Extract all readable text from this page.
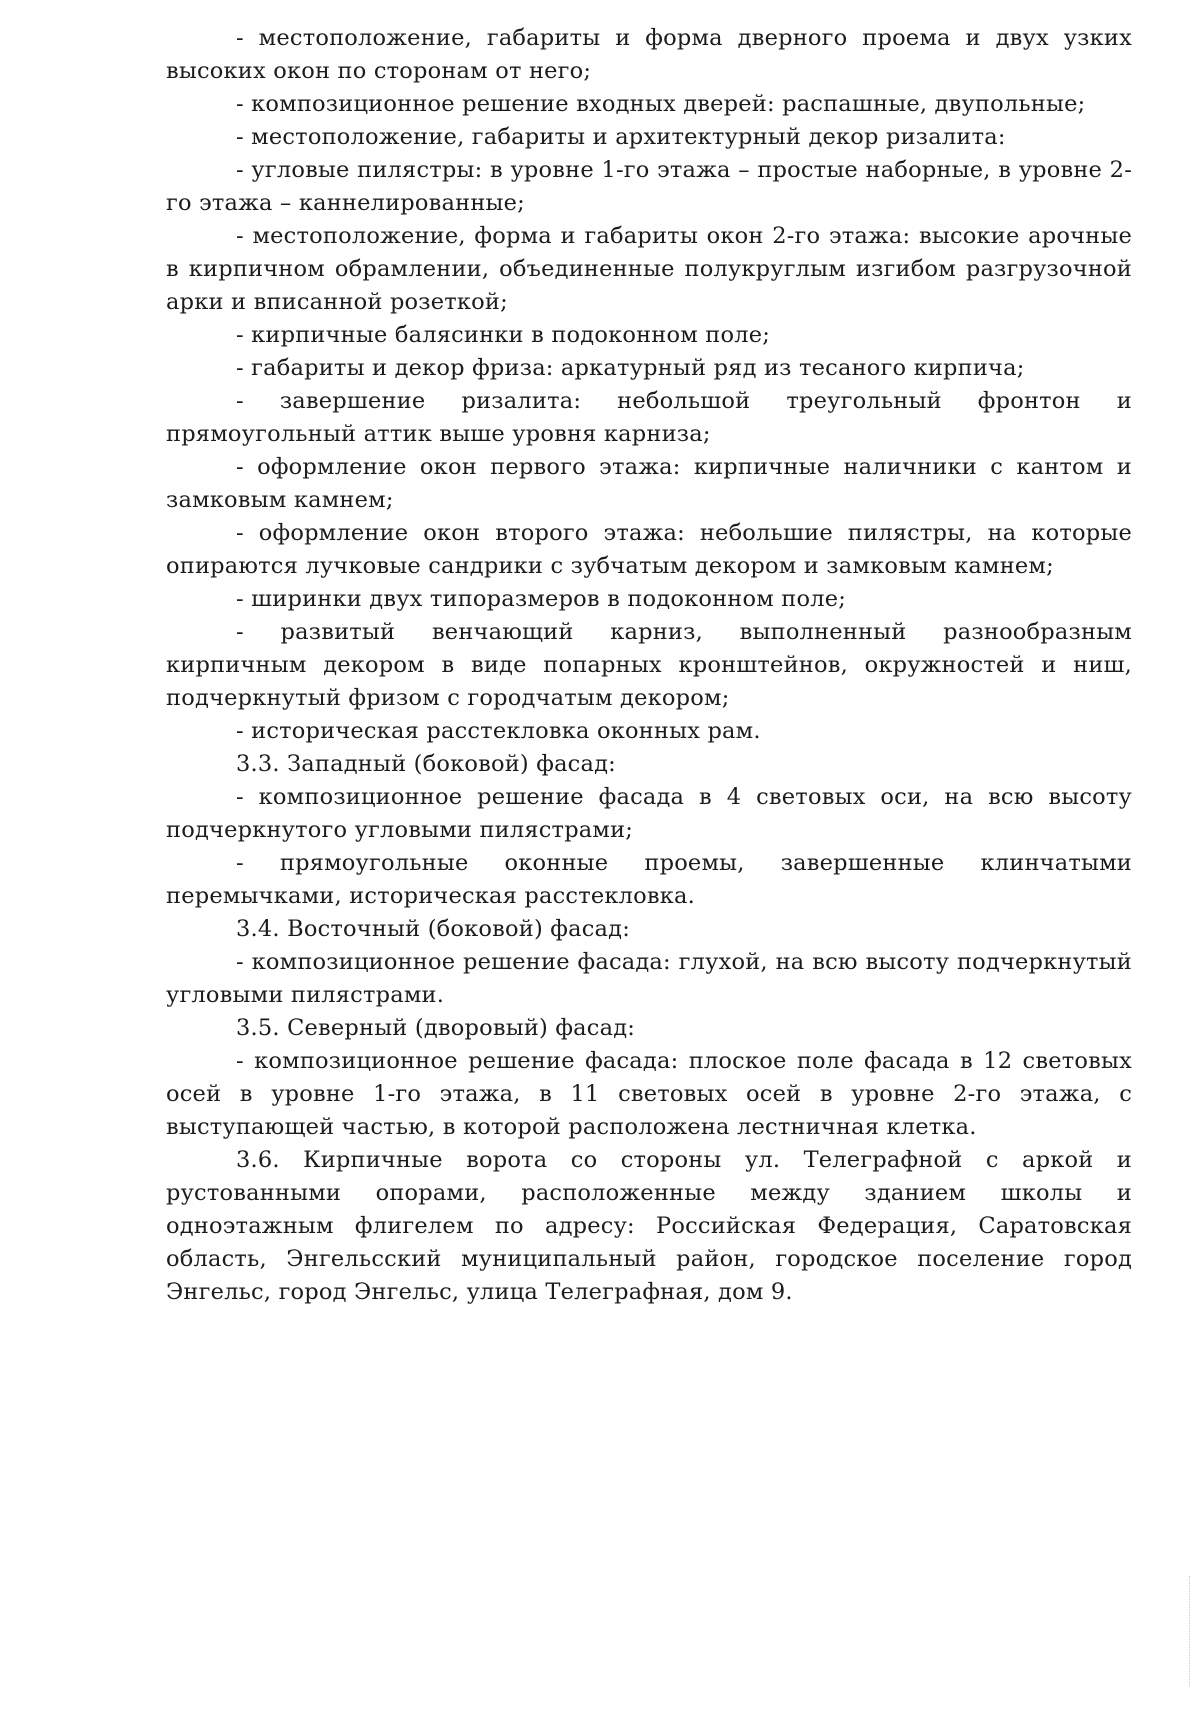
- местоположение, габариты и форма дверного проема и двух узких высоких окон по сторонам от него;

- композиционное решение входных дверей: распашные, двупольные;

- местоположение, габариты и архитектурный декор ризалита:

- угловые пилястры: в уровне 1-го этажа – простые наборные, в уровне 2-го этажа – каннелированные;

- местоположение, форма и габариты окон 2-го этажа: высокие арочные в кирпичном обрамлении, объединенные полукруглым изгибом разгрузочной арки и вписанной розеткой;

- кирпичные балясинки в подоконном поле;

- габариты и декор фриза: аркатурный ряд из тесаного кирпича;

- завершение ризалита: небольшой треугольный фронтон и прямоугольный аттик выше уровня карниза;

- оформление окон первого этажа: кирпичные наличники с кантом и замковым камнем;

- оформление окон второго этажа: небольшие пилястры, на которые опираются лучковые сандрики с зубчатым декором и замковым камнем;

- ширинки двух типоразмеров в подоконном поле;

- развитый венчающий карниз, выполненный разнообразным кирпичным декором в виде попарных кронштейнов, окружностей и ниш, подчеркнутый фризом с городчатым декором;

- историческая расстекловка оконных рам.

3.3. Западный (боковой) фасад:

- композиционное решение фасада в 4 световых оси, на всю высоту подчеркнутого угловыми пилястрами;

- прямоугольные оконные проемы, завершенные клинчатыми перемычками, историческая расстекловка.

3.4. Восточный (боковой) фасад:

- композиционное решение фасада: глухой, на всю высоту подчеркнутый угловыми пилястрами.

3.5. Северный (дворовый) фасад:

- композиционное решение фасада: плоское поле фасада в 12 световых осей в уровне 1-го этажа, в 11 световых осей в уровне 2-го этажа, с выступающей частью, в которой расположена лестничная клетка.

3.6. Кирпичные ворота со стороны ул. Телеграфной с аркой и рустованными опорами, расположенные между зданием школы и одноэтажным флигелем по адресу: Российская Федерация, Саратовская область, Энгельсский муниципальный район, городское поселение город Энгельс, город Энгельс, улица Телеграфная, дом 9.
